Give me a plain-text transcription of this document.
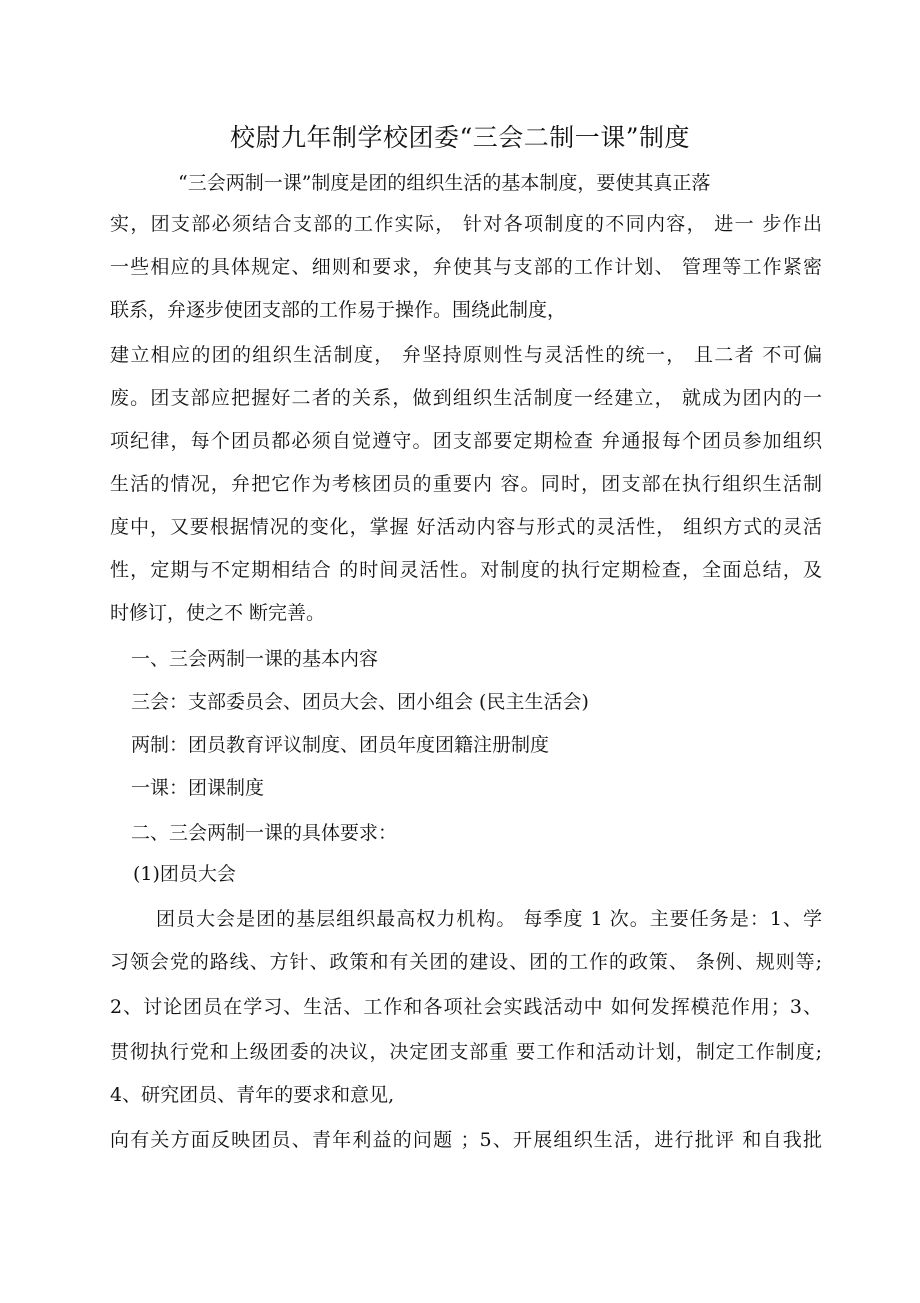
校尉九年制学校团委“三会二制一课”制度
“三会两制一课”制度是团的组织生活的基本制度，要使其真正落
实，团支部必须结合支部的工作实际， 针对各项制度的不同内容， 进一 步作出
一些相应的具体规定、细则和要求，弁使其与支部的工作计划、 管理等工作紧密
联系，弁逐步使团支部的工作易于操作。围绕此制度，
建立相应的团的组织生活制度， 弁坚持原则性与灵活性的统一， 且二者 不可偏
废。团支部应把握好二者的关系，做到组织生活制度一经建立， 就成为团内的一
项纪律，每个团员都必须自觉遵守。团支部要定期检查 弁通报每个团员参加组织
生活的情况，弁把它作为考核团员的重要内 容。同时，团支部在执行组织生活制
度中，又要根据情况的变化，掌握 好活动内容与形式的灵活性， 组织方式的灵活
性，定期与不定期相结合 的时间灵活性。对制度的执行定期检查，全面总结，及
时修订，使之不 断完善。
一、三会两制一课的基本内容
三会：支部委员会、团员大会、团小组会 (民主生活会)
两制：团员教育评议制度、团员年度团籍注册制度
一课：团课制度
二、三会两制一课的具体要求：
(1)团员大会
团员大会是团的基层组织最高权力机构。 每季度 1 次。主要任务是：1、学
习领会党的路线、方针、政策和有关团的建设、团的工作的政策、 条例、规则等;
2、讨论团员在学习、生活、工作和各项社会实践活动中 如何发挥模范作用；3、
贯彻执行党和上级团委的决议，决定团支部重 要工作和活动计划，制定工作制度;
4、研究团员、青年的要求和意见,
向有关方面反映团员、青年利益的问题 ；5、开展组织生活，进行批评 和自我批
